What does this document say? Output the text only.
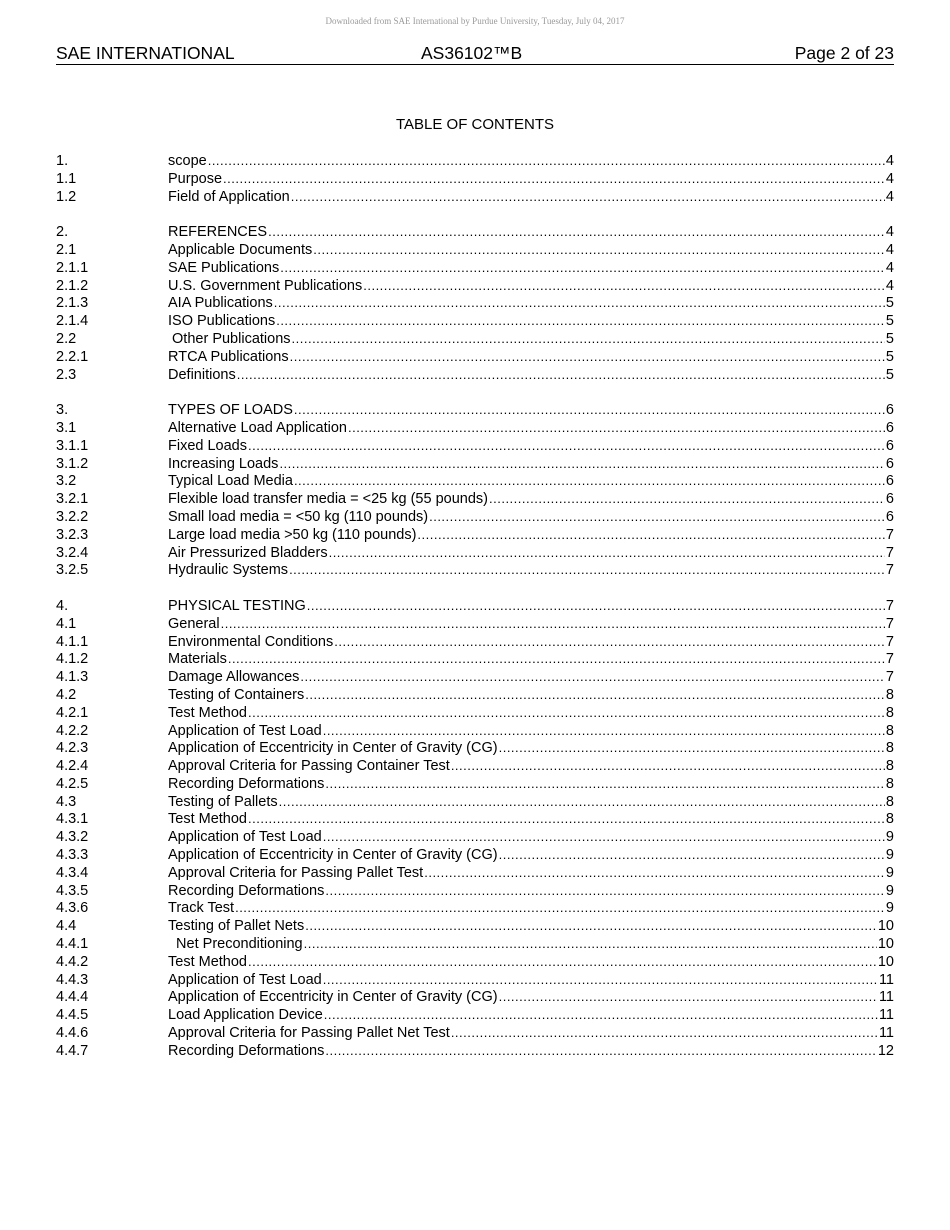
Downloaded from SAE International by Purdue University, Tuesday, July 04, 2017
SAE INTERNATIONAL	AS36102™B	Page 2 of 23
TABLE OF CONTENTS
1.	scope .....	4
1.1	Purpose .....	4
1.2	Field of Application .....	4
2.	REFERENCES .....	4
2.1	Applicable Documents .....	4
2.1.1	SAE Publications .....	4
2.1.2	U.S. Government Publications .....	4
2.1.3	AIA Publications .....	5
2.1.4	ISO Publications .....	5
2.2	Other Publications .....	5
2.2.1	RTCA Publications .....	5
2.3	Definitions .....	5
3.	TYPES OF LOADS .....	6
3.1	Alternative Load Application .....	6
3.1.1	Fixed Loads .....	6
3.1.2	Increasing Loads .....	6
3.2	Typical Load Media .....	6
3.2.1	Flexible load transfer media = <25 kg (55 pounds) .....	6
3.2.2	Small load media = <50 kg (110 pounds) .....	6
3.2.3	Large load media >50 kg (110 pounds) .....	7
3.2.4	Air Pressurized Bladders .....	7
3.2.5	Hydraulic Systems .....	7
4.	PHYSICAL TESTING .....	7
4.1	General .....	7
4.1.1	Environmental Conditions .....	7
4.1.2	Materials .....	7
4.1.3	Damage Allowances .....	7
4.2	Testing of Containers .....	8
4.2.1	Test Method .....	8
4.2.2	Application of Test Load .....	8
4.2.3	Application of Eccentricity in Center of Gravity (CG) .....	8
4.2.4	Approval Criteria for Passing Container Test .....	8
4.2.5	Recording Deformations .....	8
4.3	Testing of Pallets .....	8
4.3.1	Test Method .....	8
4.3.2	Application of Test Load .....	9
4.3.3	Application of Eccentricity in Center of Gravity (CG) .....	9
4.3.4	Approval Criteria for Passing Pallet Test .....	9
4.3.5	Recording Deformations .....	9
4.3.6	Track Test .....	9
4.4	Testing of Pallet Nets .....	10
4.4.1	Net Preconditioning .....	10
4.4.2	Test Method .....	10
4.4.3	Application of Test Load .....	11
4.4.4	Application of Eccentricity in Center of Gravity (CG) .....	11
4.4.5	Load Application Device .....	11
4.4.6	Approval Criteria for Passing Pallet Net Test .....	11
4.4.7	Recording Deformations .....	12
